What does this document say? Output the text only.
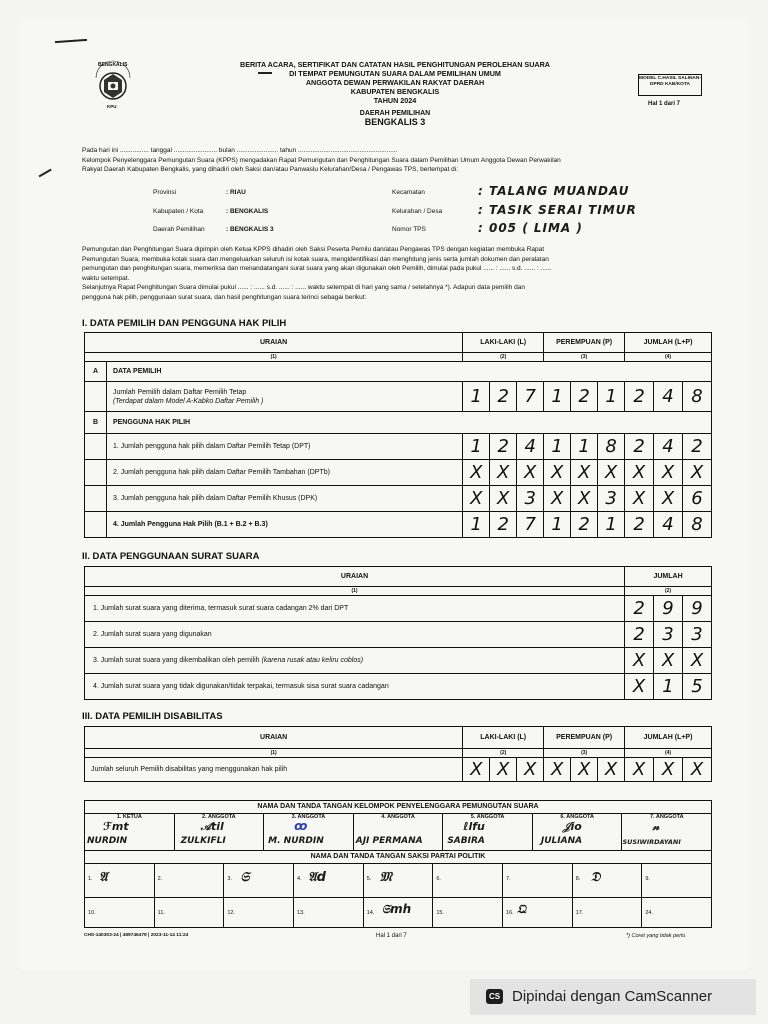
BENGKALIS
KPU
BERITA ACARA, SERTIFIKAT DAN CATATAN HASIL PENGHITUNGAN PEROLEHAN SUARA
DI TEMPAT PEMUNGUTAN SUARA DALAM PEMILIHAN UMUM
ANGGOTA DEWAN PERWAKILAN RAKYAT DAERAH
KABUPATEN BENGKALIS
TAHUN 2024
DAERAH PEMILIHAN
BENGKALIS 3
MODEL C.HASIL SALINAN-DPRD KAB/KOTA
Hal 1 dari 7
Pada hari ini ................ tanggal ........................ bulan ....................... tahun .......................................................
Kelompok Penyelenggara Pemungutan Suara (KPPS) mengadakan Rapat Pemungutan dan Penghitungan Suara dalam Pemilihan Umum Anggota Dewan Perwakilan
Rakyat Daerah Kabupaten Bengkalis, yang dihadiri oleh Saksi dan/atau Panwaslu Kelurahan/Desa / Pengawas TPS, bertempat di:
Provinsi	: RIAU
Kabupaten / Kota	: BENGKALIS
Daerah Pemilihan	: BENGKALIS 3
Kecamatan	: TALANG MUANDAU
Kelurahan / Desa	: TASIK SERAI TIMUR
Nomor TPS	: 005 ( LIMA )
Pemungutan dan Penghitungan Suara dipimpin oleh Ketua KPPS dihadiri oleh Saksi Peserta Pemilu dan/atau Pengawas TPS dengan kegiatan membuka Rapat
Pemungutan Suara, membuka kotak suara dan mengeluarkan seluruh isi kotak suara, mengidentifikasi dan menghitung jenis serta jumlah dokumen dan peralatan
pemungutan dan penghitungan suara, memeriksa dan menandatangani surat suara yang akan digunakan oleh Pemilih, dimulai pada pukul ...... : ...... s.d. ...... : ......
waktu setempat.
Selanjutnya Rapat Penghitungan Suara dimulai pukul ...... : ...... s.d. ...... : ...... waktu setempat di hari yang sama / setelahnya *). Adapun data pemilih dan
pengguna hak pilih, penggunaan surat suara, dan hasil penghitungan suara terinci sebagai berikut:
I. DATA PEMILIH DAN PENGGUNA HAK PILIH
URAIAN		LAKI-LAKI (L)			PEREMPUAN (P)			JUMLAH (L+P)		
(1)		(2)			(3)			(4)		
A	DATA PEMILIH									

	Jumlah Pemilih dalam Daftar Pemilih Tetap
(Terdapat dalam Model A-Kabko Daftar Pemilih )	1	2	7	1	2	1	2	4	8
B	PENGGUNA HAK PILIH									
	1. Jumlah pengguna hak pilih dalam Daftar Pemilih Tetap (DPT)	1	2	4	1	1	8	2	4	2
	2. Jumlah pengguna hak pilih dalam Daftar Pemilih Tambahan (DPTb)	X	X	X	X	X	X	X	X	X
	3. Jumlah pengguna hak pilih dalam Daftar Pemilih Khusus (DPK)	X	X	3	X	X	3	X	X	6
	4. Jumlah Pengguna Hak Pilih (B.1 + B.2 + B.3)	1	2	7	1	2	1	2	4	8
II. DATA PENGGUNAAN SURAT SUARA
URAIAN	JUMLAH		
(1)	(2)		
1. Jumlah surat suara yang diterima, termasuk surat suara cadangan 2% dari DPT	2	9	9
2. Jumlah surat suara yang digunakan	2	3	3
3. Jumlah surat suara yang dikembalikan oleh pemilih (karena rusak atau keliru coblos)	X	X	X
4. Jumlah surat suara yang tidak digunakan/tidak terpakai, termasuk sisa surat suara cadangan	X	1	5
III. DATA PEMILIH DISABILITAS
URAIAN	LAKI-LAKI (L)			PEREMPUAN (P)			JUMLAH (L+P)		
(1)	(2)			(3)			(4)		
Jumlah seluruh Pemilih disabilitas yang menggunakan hak pilih	X	X	X	X	X	X	X	X	X
NAMA DAN TANDA TANGAN KELOMPOK PENYELENGGARA PEMUNGUTAN SUARA
1. KETUA
ℱmt
NURDIN
2. ANGGOTA
𝒜til
ZULKIFLI
3. ANGGOTA
ꝏ
M. NURDIN
4. ANGGOTA
AJI PERMANA
5. ANGGOTA
ℓlfu
SABIRA
6. ANGGOTA
𝒥io
JULIANA
7. ANGGOTA
𝓃
SUSIWIRDAYANI
NAMA DAN TANDA TANGAN SAKSI PARTAI POLITIK
1. 𝔄	2.	3. 𝔖	4. 𝔄d	5. 𝔐	6.	7.	8. 𝔇	9.
10.	11.	12.	13.	14. 𝔖mh	15.	16. 𝔔	17.	24.
CHS-140303-24 | 489746479 | 2023-11-14 11:24	Hal 1 dari 7	*) Coret yang tidak perlu
CS Dipindai dengan CamScanner
